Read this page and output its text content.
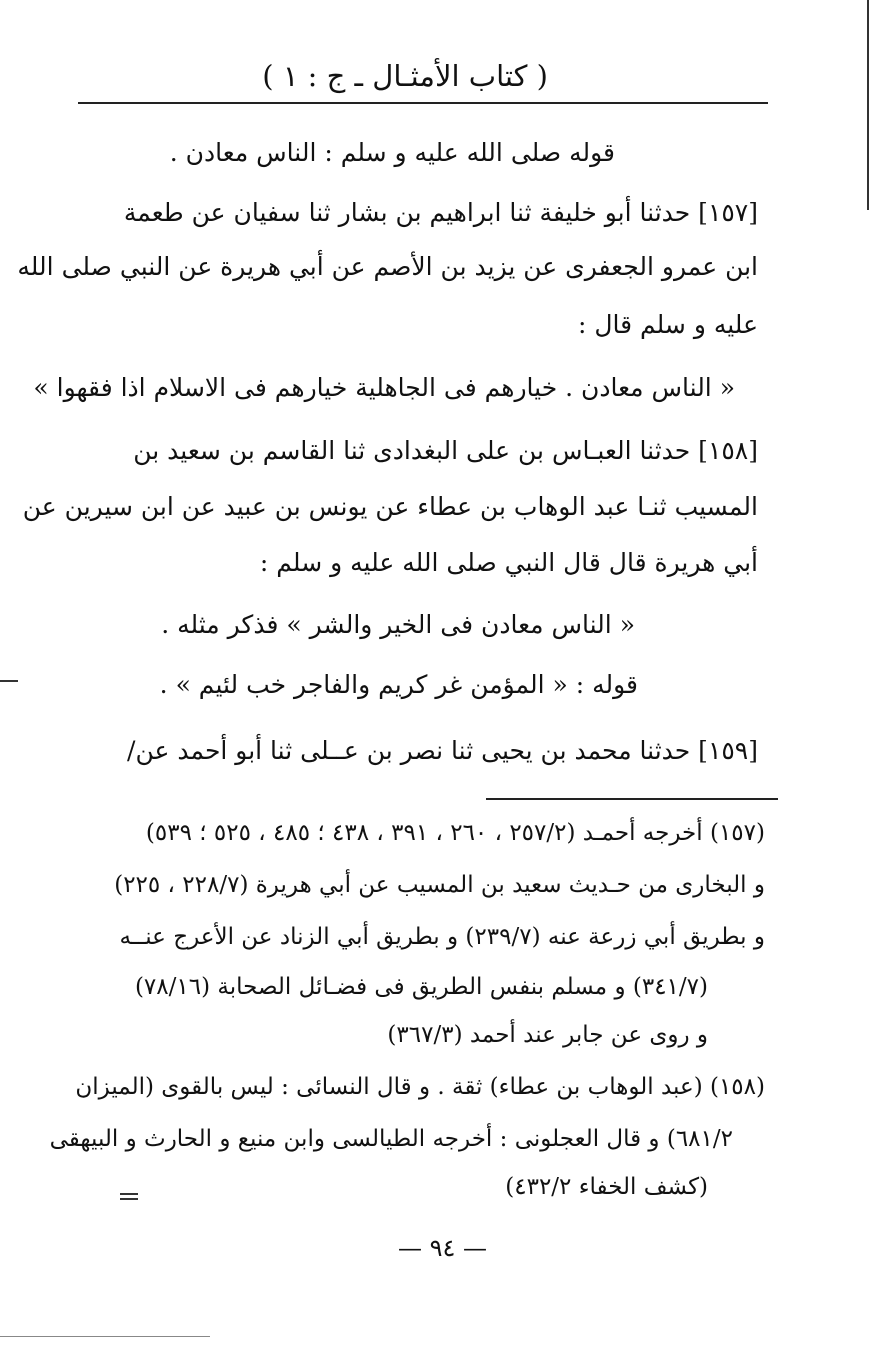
( كتاب الأمثـال ـ ج : ١ )
قوله صلى الله عليه و سلم : الناس معادن .
[١٥٧] حدثنا أبو خليفة ثنا ابراهيم بن بشار ثنا سفيان عن طعمة
ابن عمرو الجعفرى عن يزيد بن الأصم عن أبي هريرة عن النبي صلى الله
عليه و سلم قال :
« الناس معادن . خيارهم فى الجاهلية خيارهم فى الاسلام اذا فقهوا »
[١٥٨] حدثنا العبـاس بن على البغدادى ثنا القاسم بن سعيد بن
المسيب ثنـا عبد الوهاب بن عطاء عن يونس بن عبيد عن ابن سيرين عن
أبي هريرة قال قال النبي صلى الله عليه و سلم :
« الناس معادن فى الخير والشر » فذكر مثله .
قوله : « المؤمن غر كريم والفاجر خب لئيم » .
[١٥٩] حدثنا محمد بن يحيى ثنا نصر بن عــلى ثنا أبو أحمد عن/
(١٥٧) أخرجه أحمـد (٢٥٧/٢ ، ٢٦٠ ، ٣٩١ ، ٤٣٨ ؛ ٤٨٥ ، ٥٢٥ ؛ ٥٣٩)
و البخارى من حـديث سعيد بن المسيب عن أبي هريرة (٢٢٨/٧ ، ٢٢٥)
و بطريق أبي زرعة عنه (٢٣٩/٧) و بطريق أبي الزناد عن الأعرج عنــه
(٣٤١/٧) و مسلم بنفس الطريق فى فضـائل الصحابة (٧٨/١٦)
و روى عن جابر عند أحمد (٣٦٧/٣)
(١٥٨) (عبد الوهاب بن عطاء) ثقة . و قال النسائى : ليس بالقوى (الميزان
٦٨١/٢) و قال العجلونى : أخرجه الطيالسى وابن منيع و الحارث و البيهقى
(كشف الخفاء ٤٣٢/٢)
— ٩٤ —
